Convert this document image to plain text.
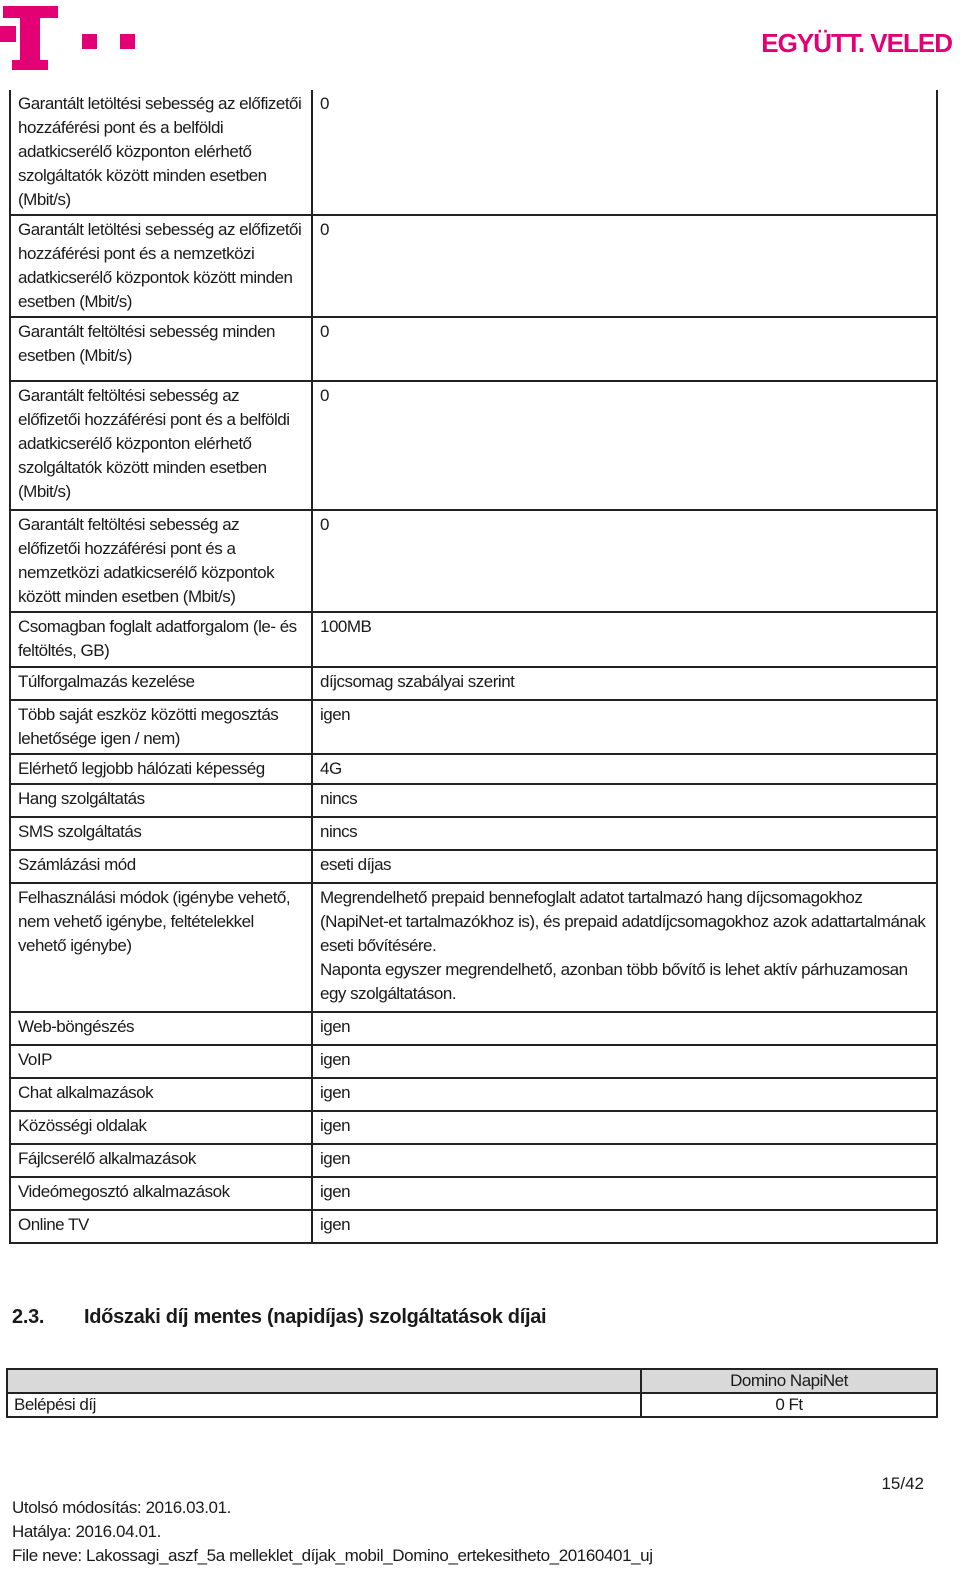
EGYÜTT. VELED
Garantált letöltési sebesség az előfizetői hozzáférési pont és a belföldi adatkicserélő központon elérhető szolgáltatók között minden esetben (Mbit/s)	0
Garantált letöltési sebesség az előfizetői hozzáférési pont és a nemzetközi adatkicserélő központok között minden esetben (Mbit/s)	0
Garantált feltöltési sebesség minden esetben (Mbit/s)	0
Garantált feltöltési sebesség az előfizetői hozzáférési pont és a belföldi adatkicserélő központon elérhető szolgáltatók között minden esetben (Mbit/s)	0
Garantált feltöltési sebesség az előfizetői hozzáférési pont és a nemzetközi adatkicserélő központok között minden esetben (Mbit/s)	0
Csomagban foglalt adatforgalom (le- és feltöltés, GB)	100MB
Túlforgalmazás kezelése	díjcsomag szabályai szerint
Több saját eszköz közötti megosztás lehetősége igen / nem)	igen
Elérhető legjobb hálózati képesség	4G
Hang szolgáltatás	nincs
SMS szolgáltatás	nincs
Számlázási mód	eseti díjas
Felhasználási módok (igénybe vehető, nem vehető igénybe, feltételekkel vehető igénybe)	Megrendelhető prepaid bennefoglalt adatot tartalmazó hang díjcsomagokhoz (NapiNet-et tartalmazókhoz is), és prepaid adatdíjcsomagokhoz azok adattartalmának eseti bővítésére.
Naponta egyszer megrendelhető, azonban több bővítő is lehet aktív párhuzamosan egy szolgáltatáson.

Web-böngészés	igen
VoIP	igen
Chat alkalmazások	igen
Közösségi oldalak	igen
Fájlcserélő alkalmazások	igen
Videómegosztó alkalmazások	igen
Online TV	igen
2.3. Időszaki díj mentes (napidíjas) szolgáltatások díjai
	Domino NapiNet
Belépési díj	0 Ft
15/42
Utolsó módosítás: 2016.03.01.
Hatálya: 2016.04.01.
File neve: Lakossagi_aszf_5a melleklet_díjak_mobil_Domino_ertekesitheto_20160401_uj
